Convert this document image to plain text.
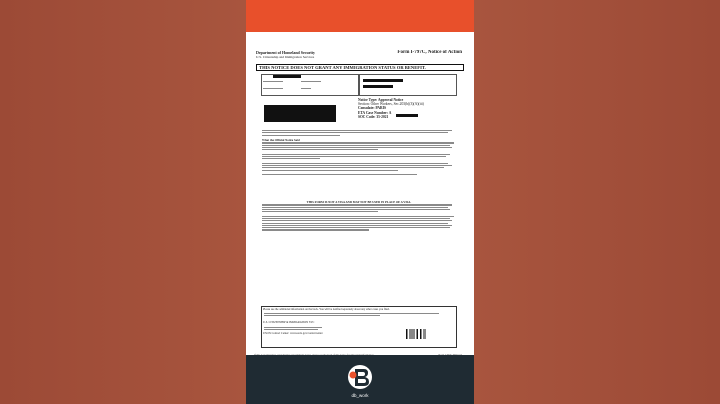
Department of Homeland Security
U.S. Citizenship and Immigration Services
Form I-797C, Notice of Action
THIS NOTICE DOES NOT GRANT ANY IMMIGRATION STATUS OR BENEFIT.
Notice Type: Approval Notice
Section: Other Workers, Sec.203(b)(3)(A)(iii)
Consulate: PARIS
ETA Case Number: A
SOC Code: 35-2021
What the Official Notice Said
THIS FORM IS NOT A VISA AND MAY NOT BE USED IN PLACE OF A VISA.
Please see the additional information on the back. You will be notified separately about any other cases you filed.
U.S. CITIZENSHIP & IMMIGRATION SVC
USCIS Contact Center: www.uscis.gov/contactcenter
db_work
